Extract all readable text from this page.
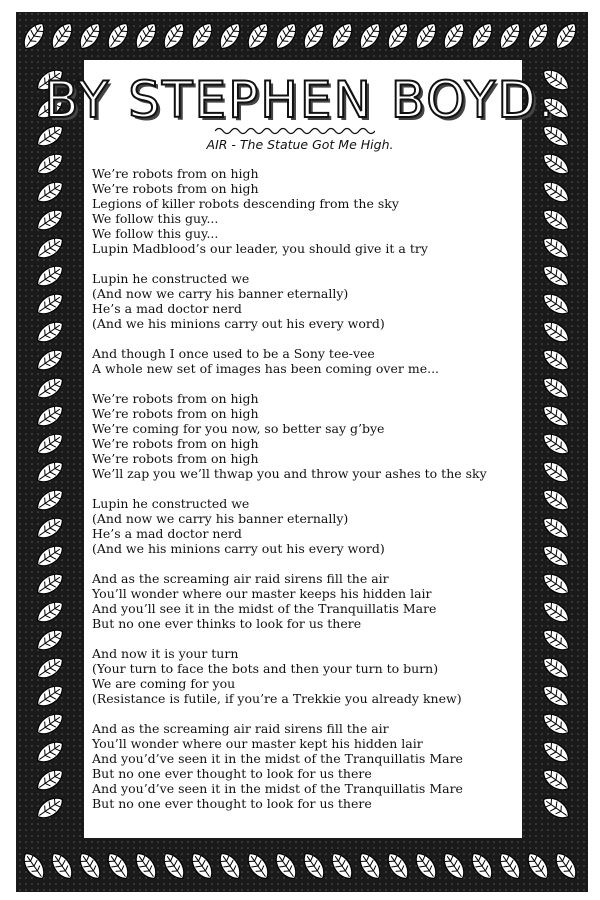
BY STEPHEN BOYD.
AIR - The Statue Got Me High.
We’re robots from on high
We’re robots from on high
Legions of killer robots descending from the sky
We follow this guy...
We follow this guy...
Lupin Madblood’s our leader, you should give it a try
Lupin he constructed we
(And now we carry his banner eternally)
He’s a mad doctor nerd
(And we his minions carry out his every word)
And though I once used to be a Sony tee-vee
A whole new set of images has been coming over me...
We’re robots from on high
We’re robots from on high
We’re coming for you now, so better say g’bye
We’re robots from on high
We’re robots from on high
We’ll zap you we’ll thwap you and throw your ashes to the sky
Lupin he constructed we
(And now we carry his banner eternally)
He’s a mad doctor nerd
(And we his minions carry out his every word)
And as the screaming air raid sirens fill the air
You’ll wonder where our master keeps his hidden lair
And you’ll see it in the midst of the Tranquillatis Mare
But no one ever thinks to look for us there
And now it is your turn
(Your turn to face the bots and then your turn to burn)
We are coming for you
(Resistance is futile, if you’re a Trekkie you already knew)
And as the screaming air raid sirens fill the air
You’ll wonder where our master kept his hidden lair
And you’d’ve seen it in the midst of the Tranquillatis Mare
But no one ever thought to look for us there
And you’d’ve seen it in the midst of the Tranquillatis Mare
But no one ever thought to look for us there
